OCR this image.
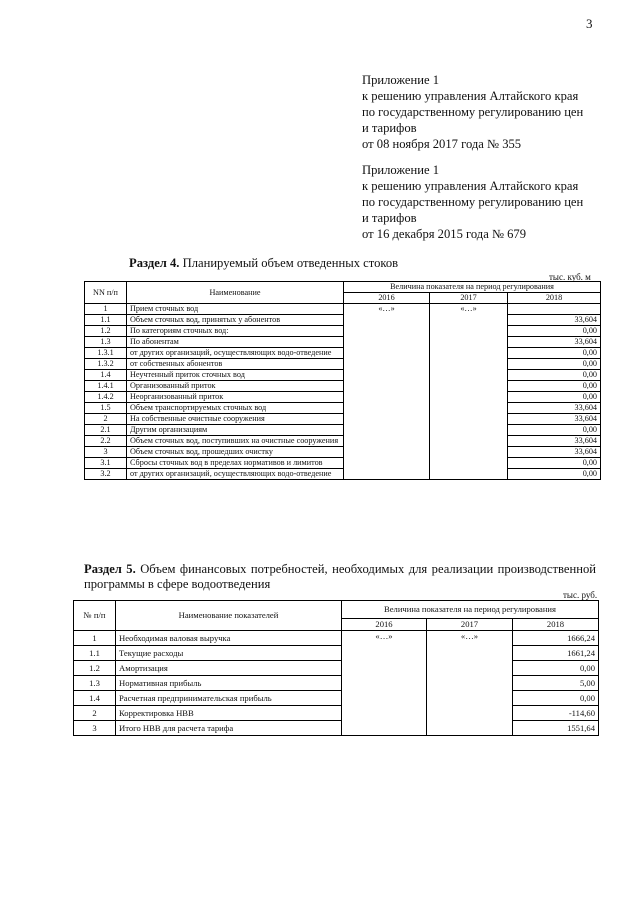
3
Приложение 1
к решению управления Алтайского края
по государственному регулированию цен
и тарифов
от 08 ноября 2017 года № 355
Приложение 1
к решению управления Алтайского края
по государственному регулированию цен
и тарифов
от 16 декабря 2015 года № 679
Раздел 4. Планируемый объем отведенных стоков
тыс. куб. м
NN п/п	Наименование	Величина показателя на период регулирования		
		2016	2017	2018
1	Прием сточных вод	«…»	«…»	
1.1	Объем сточных вод, принятых у абонентов			33,604
1.2	По категориям сточных вод:			0,00
1.3	По абонентам			33,604
1.3.1	от других организаций, осуществляющих водо-отведение			0,00
1.3.2	от собственных абонентов			0,00
1.4	Неучтенный приток сточных вод			0,00
1.4.1	Организованный приток			0,00
1.4.2	Неорганизованный приток			0,00
1.5	Объем транспортируемых сточных вод			33,604
2	На собственные очистные сооружения			33,604
2.1	Другим организациям			0,00
2.2	Объем сточных вод, поступивших на очистные сооружения			33,604
3	Объем сточных вод, прошедших очистку			33,604
3.1	Сбросы сточных вод в пределах нормативов и лимитов			0,00
3.2	от других организаций, осуществляющих водо-отведение			0,00
Раздел 5. Объем финансовых потребностей, необходимых для реализации производственной программы в сфере водоотведения
тыс. руб.
№ п/п	Наименование показателей	Величина показателя на период регулирования		
		2016	2017	2018
1	Необходимая валовая выручка	«…»	«…»	1666,24
1.1	Текущие расходы			1661,24
1.2	Амортизация			0,00
1.3	Нормативная прибыль			5,00
1.4	Расчетная предпринимательская прибыль			0,00
2	Корректировка НВВ			-114,60
3	Итого НВВ для расчета тарифа			1551,64
